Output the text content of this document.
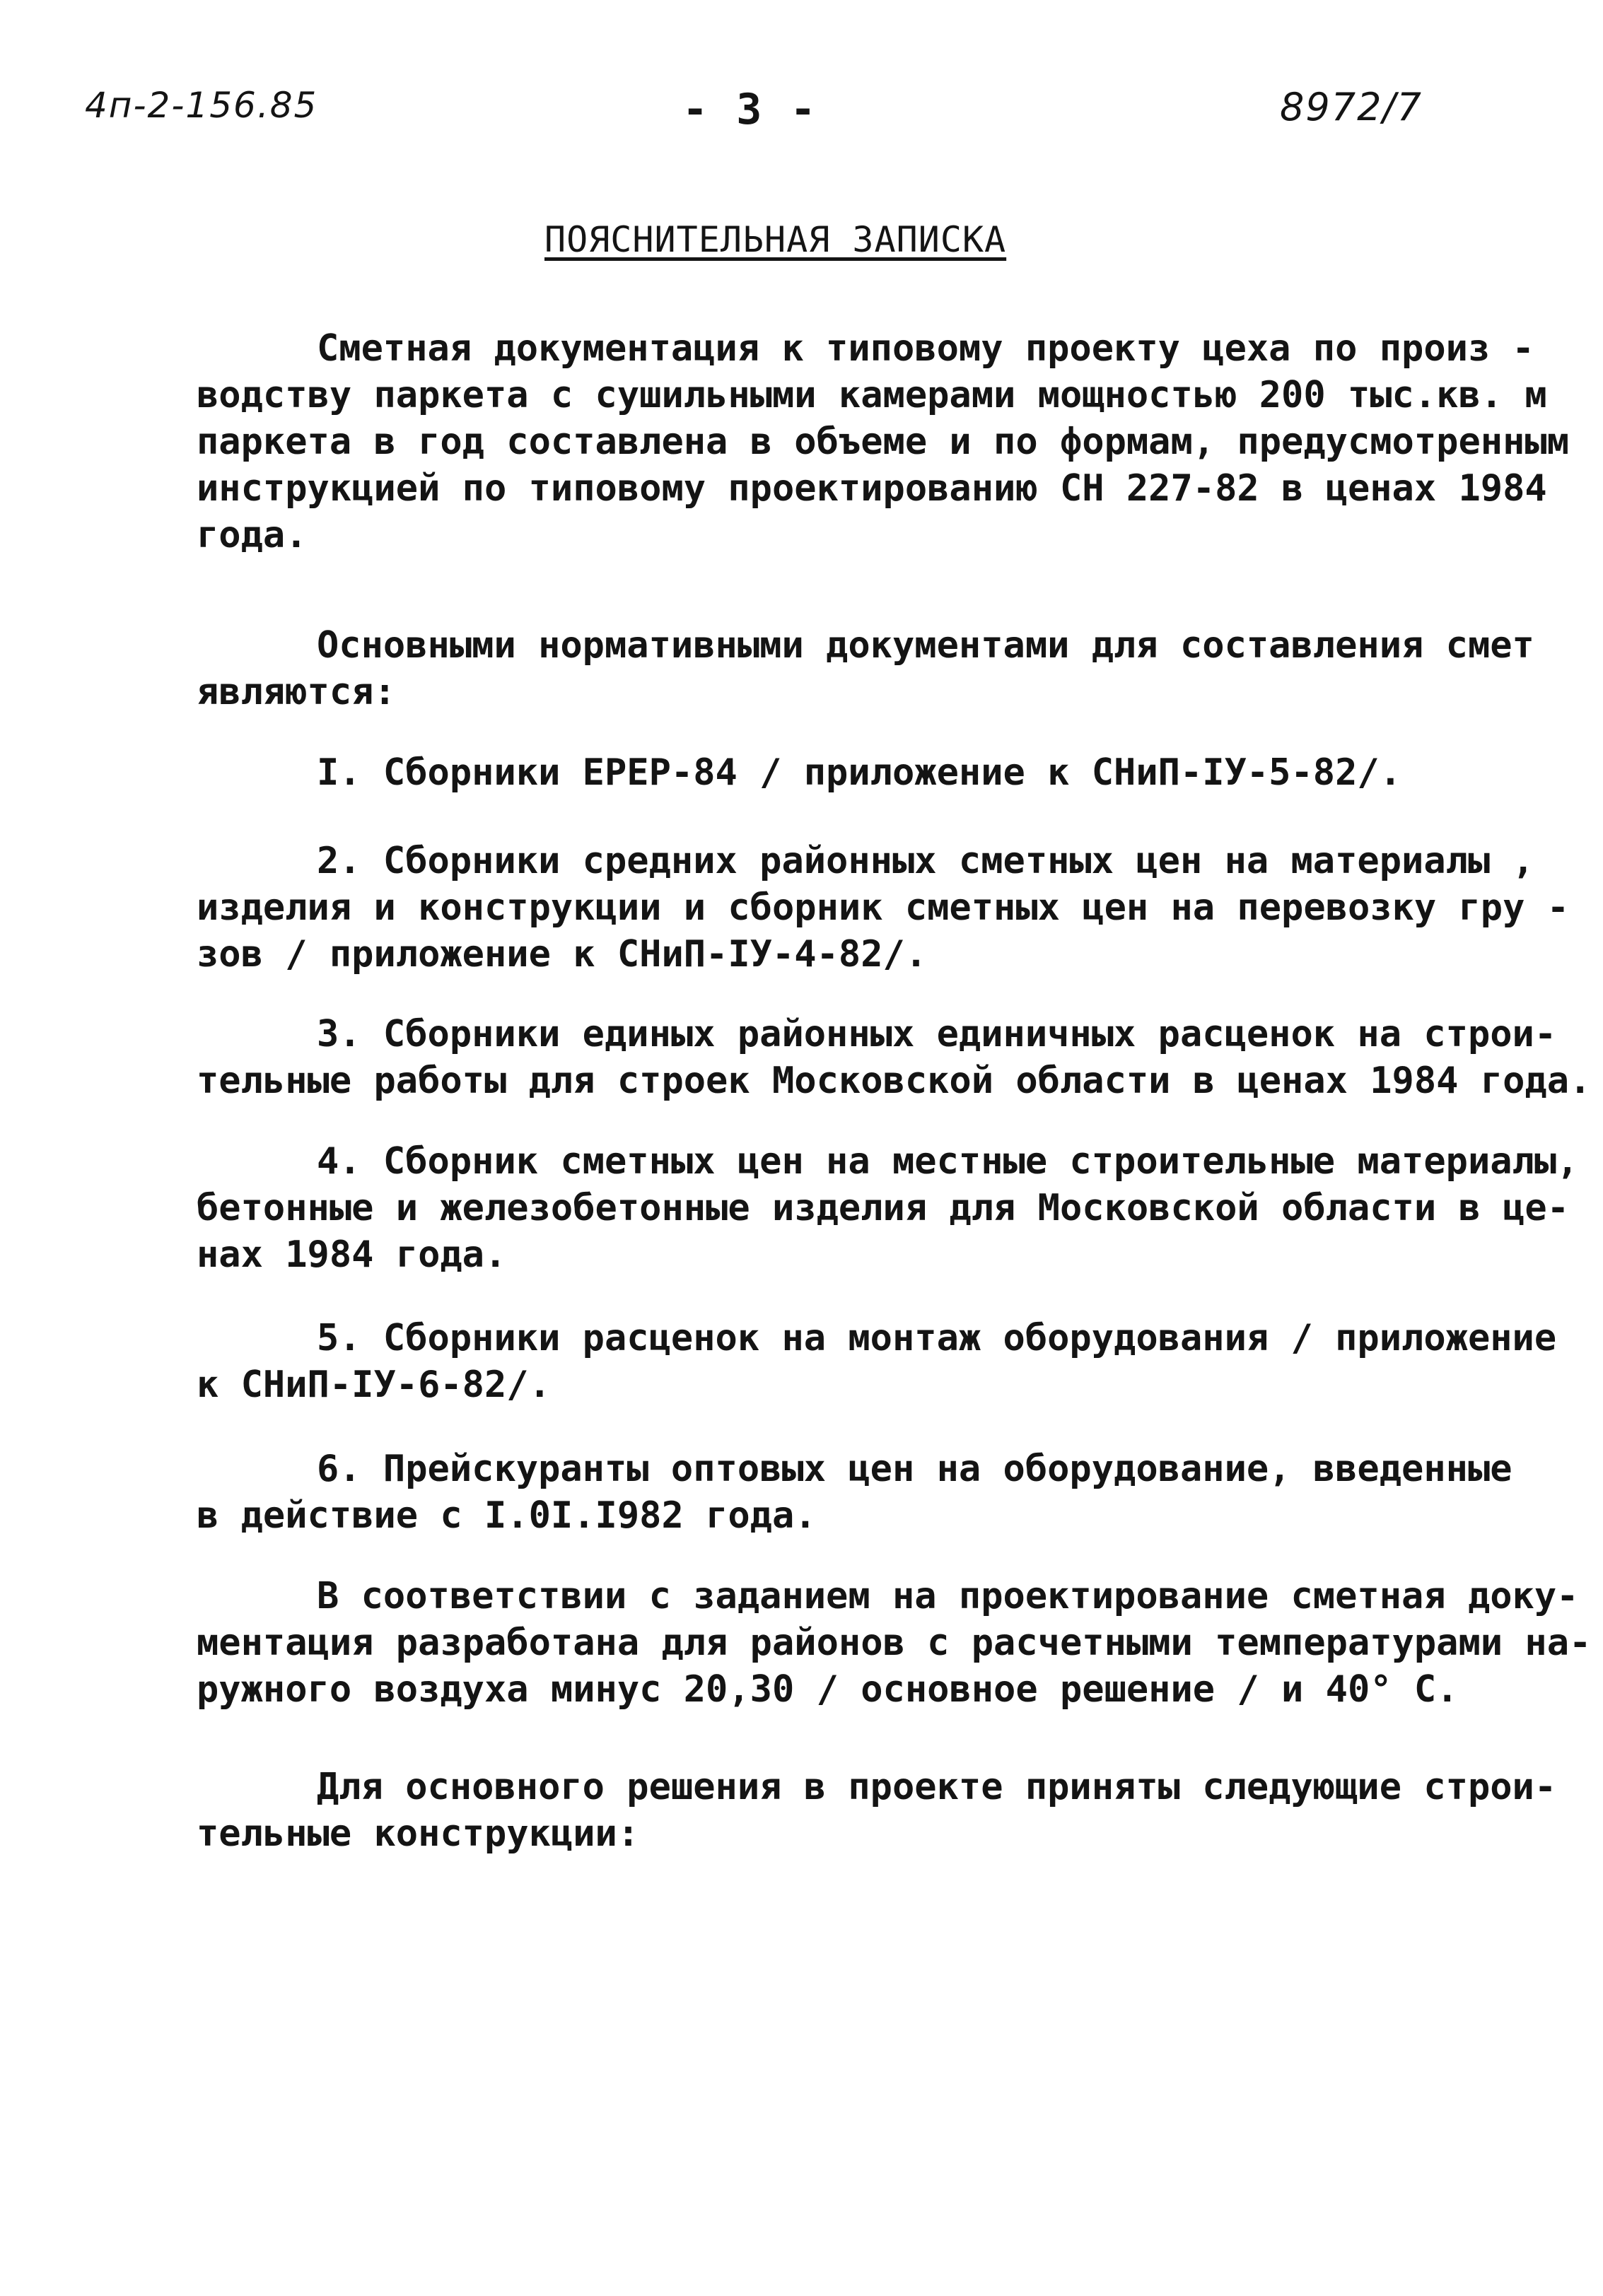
4п-2-156.85	- 3 -	8972/7
ПОЯСНИТЕЛЬНАЯ ЗАПИСКА
Сметная документация к типовому проекту цеха по произ -
водству паркета с сушильными камерами мощностью 200 тыс.кв. м
паркета в год составлена в объеме и по формам, предусмотренным
инструкцией по типовому проектированию СН 227-82 в ценах 1984
года.
Основными нормативными документами для составления смет
являются:
I. Сборники ЕРЕР-84 / приложение к СНиП-IУ-5-82/.
2. Сборники средних районных сметных цен на материалы ,
изделия и конструкции и сборник сметных цен на перевозку гру -
зов / приложение к СНиП-IУ-4-82/.
3. Сборники единых районных единичных расценок на строи-
тельные работы для строек Московской области в ценах 1984 года.
4. Сборник сметных цен на местные строительные материалы,
бетонные и железобетонные изделия для Московской области в це-
нах 1984 года.
5. Сборники расценок на монтаж оборудования / приложение
к СНиП-IУ-6-82/.
6. Прейскуранты оптовых цен на оборудование, введенные
в действие с I.0I.I982 года.
В соответствии с заданием на проектирование сметная доку-
ментация разработана для районов с расчетными температурами на-
ружного воздуха минус 20,30 / основное решение / и 40° С.
Для основного решения в проекте приняты следующие строи-
тельные конструкции:
